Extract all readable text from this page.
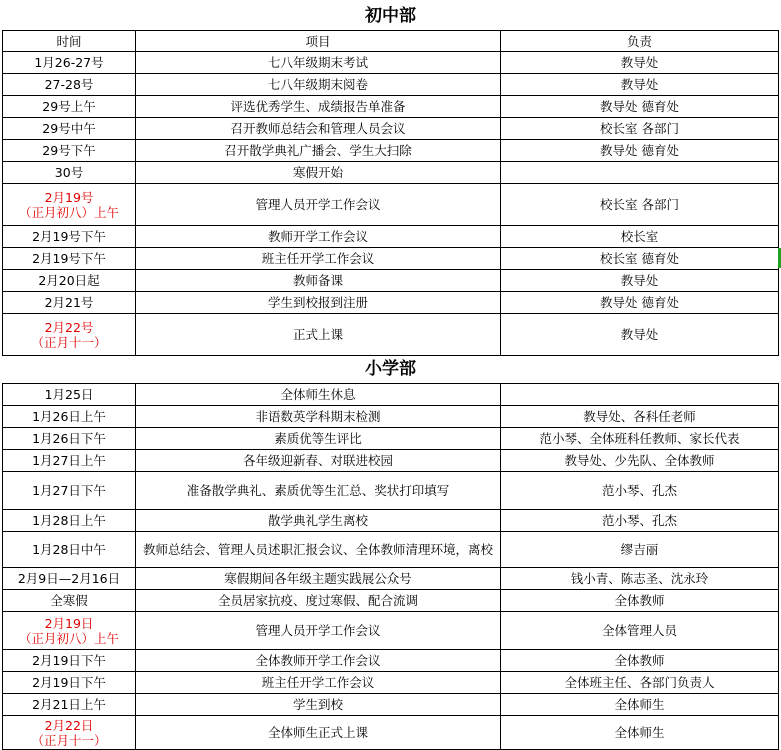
初中部		
时间	项目	负责
1月26-27号	七八年级期末考试	教导处
27-28号	七八年级期末阅卷	教导处
29号上午	评选优秀学生、成绩报告单准备	教导处 德育处
29号中午	召开教师总结会和管理人员会议	校长室 各部门
29号下午	召开散学典礼广播会、学生大扫除	教导处 德育处
30号	寒假开始	

2月19号
（正月初八）上午	管理人员开学工作会议	校长室 各部门
2月19号下午	教师开学工作会议	校长室
2月19号下午	班主任开学工作会议	校长室 德育处
2月20日起	教师备课	教导处
2月21号	学生到校报到注册	教导处 德育处

2月22号
（正月十一）	正式上课	教导处
小学部		
1月25日	全体师生休息	
1月26日上午	非语数英学科期末检测	教导处、各科任老师
1月26日下午	素质优等生评比	范小琴、全体班科任教师、家长代表
1月27日上午	各年级迎新春、对联进校园	教导处、少先队、全体教师
1月27日下午	准备散学典礼、素质优等生汇总、奖状打印填写	范小琴、孔杰
1月28日上午	散学典礼学生离校	范小琴、孔杰
1月28日中午	教师总结会、管理人员述职汇报会议、全体教师清理环境，离校	缪吉丽
2月9日—2月16日	寒假期间各年级主题实践展公众号	钱小青、陈志圣、沈永玲
全寒假	全员居家抗疫、度过寒假、配合流调	全体教师

2月19日
（正月初八）上午	管理人员开学工作会议	全体管理人员
2月19日下午	全体教师开学工作会议	全体教师
2月19日下午	班主任开学工作会议	全体班主任、各部门负责人
2月21日上午	学生到校	全体师生

2月22日
（正月十一）	全体师生正式上课	全体师生
